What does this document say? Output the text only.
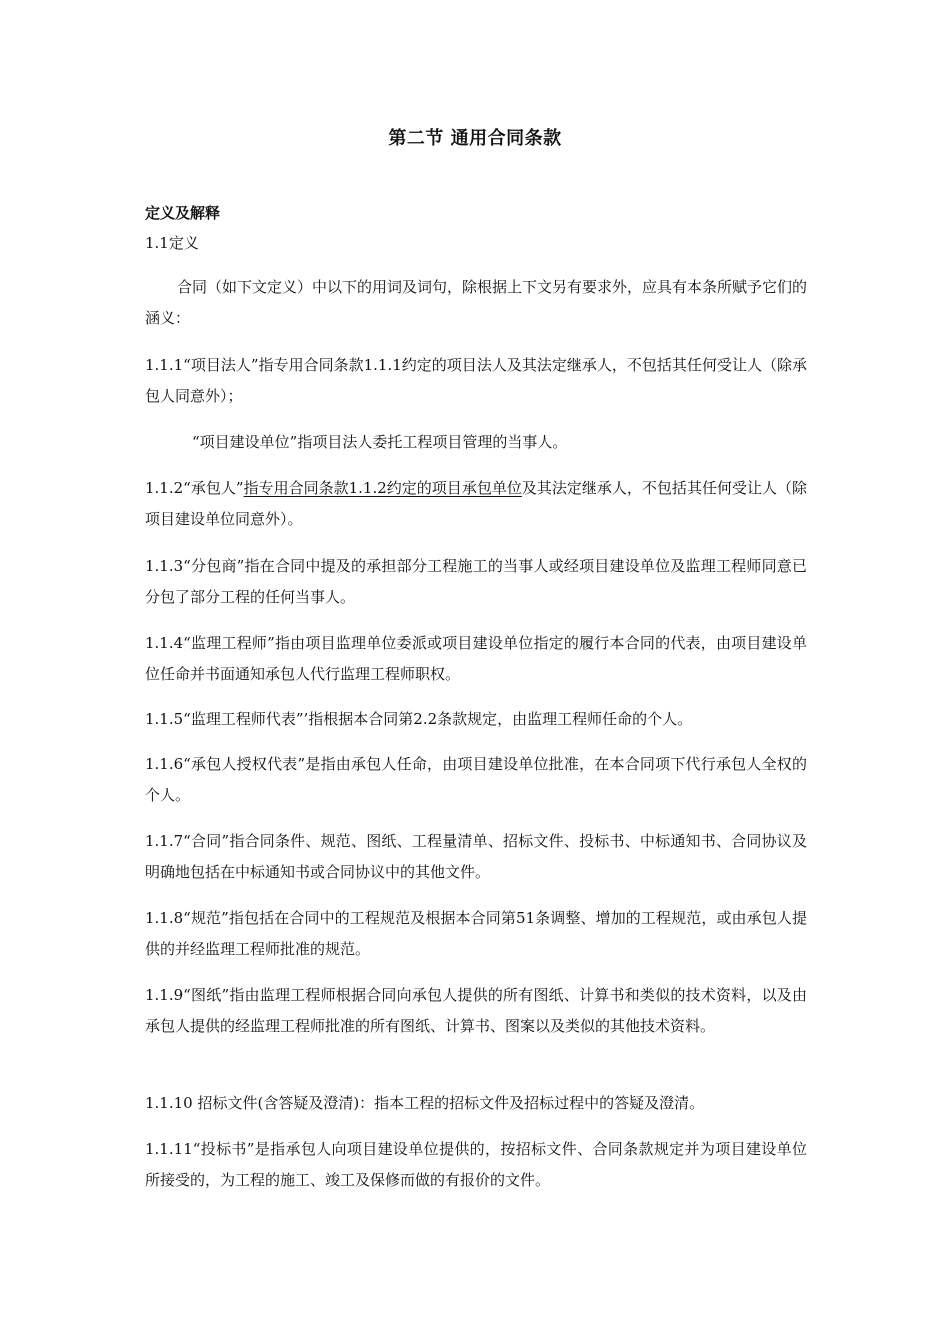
第二节 通用合同条款
定义及解释
1.1定义
合同（如下文定义）中以下的用词及词句，除根据上下文另有要求外，应具有本条所赋予它们的涵义：
1.1.1“项目法人”指专用合同条款1.1.1约定的项目法人及其法定继承人，不包括其任何受让人（除承包人同意外）；
“项目建设单位”指项目法人委托工程项目管理的当事人。
1.1.2“承包人”指专用合同条款1.1.2约定的项目承包单位及其法定继承人，不包括其任何受让人（除项目建设单位同意外）。
1.1.3“分包商”指在合同中提及的承担部分工程施工的当事人或经项目建设单位及监理工程师同意已分包了部分工程的任何当事人。
1.1.4“监理工程师”指由项目监理单位委派或项目建设单位指定的履行本合同的代表，由项目建设单位任命并书面通知承包人代行监理工程师职权。
1.1.5“监理工程师代表”’指根据本合同第2.2条款规定，由监理工程师任命的个人。
1.1.6“承包人授权代表”是指由承包人任命，由项目建设单位批准，在本合同项下代行承包人全权的个人。
1.1.7“合同”指合同条件、规范、图纸、工程量清单、招标文件、投标书、中标通知书、合同协议及明确地包括在中标通知书或合同协议中的其他文件。
1.1.8“规范”指包括在合同中的工程规范及根据本合同第51条调整、增加的工程规范，或由承包人提供的并经监理工程师批准的规范。
1.1.9“图纸”指由监理工程师根据合同向承包人提供的所有图纸、计算书和类似的技术资料，以及由承包人提供的经监理工程师批准的所有图纸、计算书、图案以及类似的其他技术资料。
1.1.10 招标文件(含答疑及澄清)：指本工程的招标文件及招标过程中的答疑及澄清。
1.1.11“投标书”是指承包人向项目建设单位提供的，按招标文件、合同条款规定并为项目建设单位所接受的，为工程的施工、竣工及保修而做的有报价的文件。
